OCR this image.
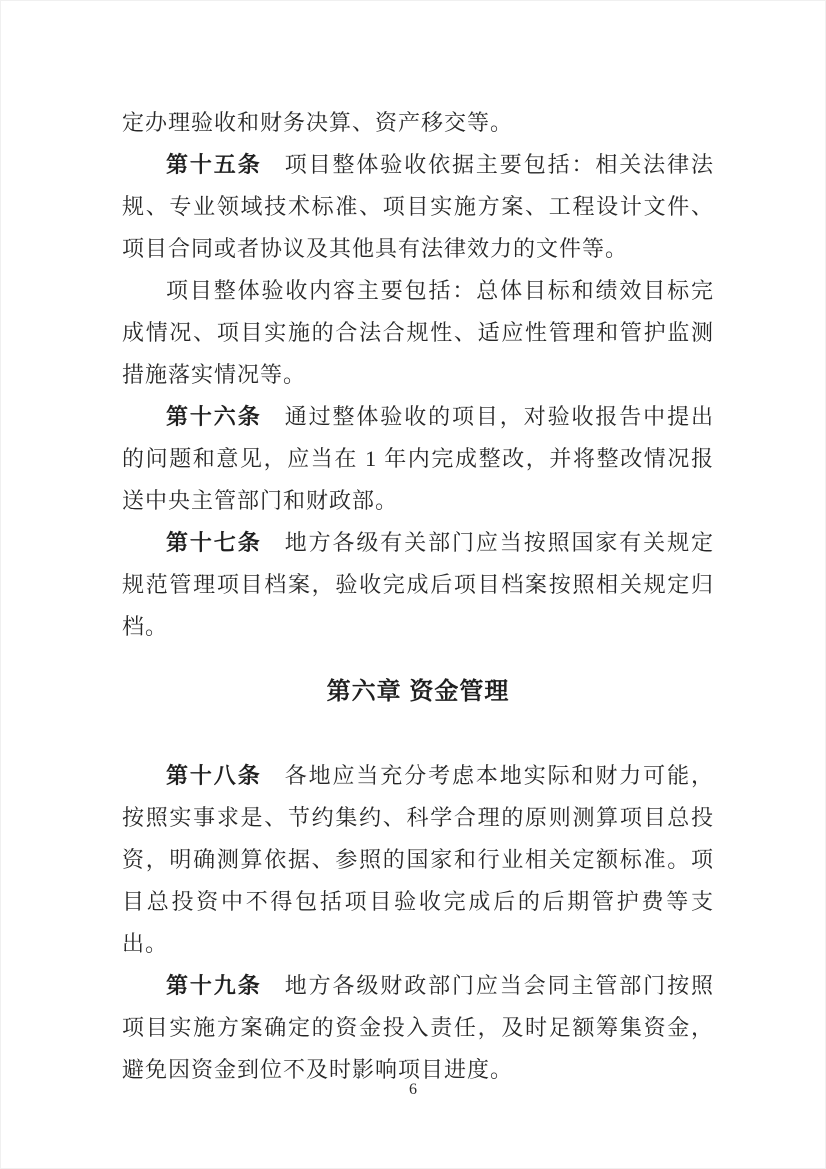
定办理验收和财务决算、资产移交等。

第十五条 项目整体验收依据主要包括：相关法律法规、专业领域技术标准、项目实施方案、工程设计文件、项目合同或者协议及其他具有法律效力的文件等。

项目整体验收内容主要包括：总体目标和绩效目标完成情况、项目实施的合法合规性、适应性管理和管护监测措施落实情况等。

第十六条 通过整体验收的项目，对验收报告中提出的问题和意见，应当在 1 年内完成整改，并将整改情况报送中央主管部门和财政部。

第十七条 地方各级有关部门应当按照国家有关规定规范管理项目档案，验收完成后项目档案按照相关规定归档。

第六章 资金管理

第十八条 各地应当充分考虑本地实际和财力可能，按照实事求是、节约集约、科学合理的原则测算项目总投资，明确测算依据、参照的国家和行业相关定额标准。项目总投资中不得包括项目验收完成后的后期管护费等支出。

第十九条 地方各级财政部门应当会同主管部门按照项目实施方案确定的资金投入责任，及时足额筹集资金，避免因资金到位不及时影响项目进度。

6
